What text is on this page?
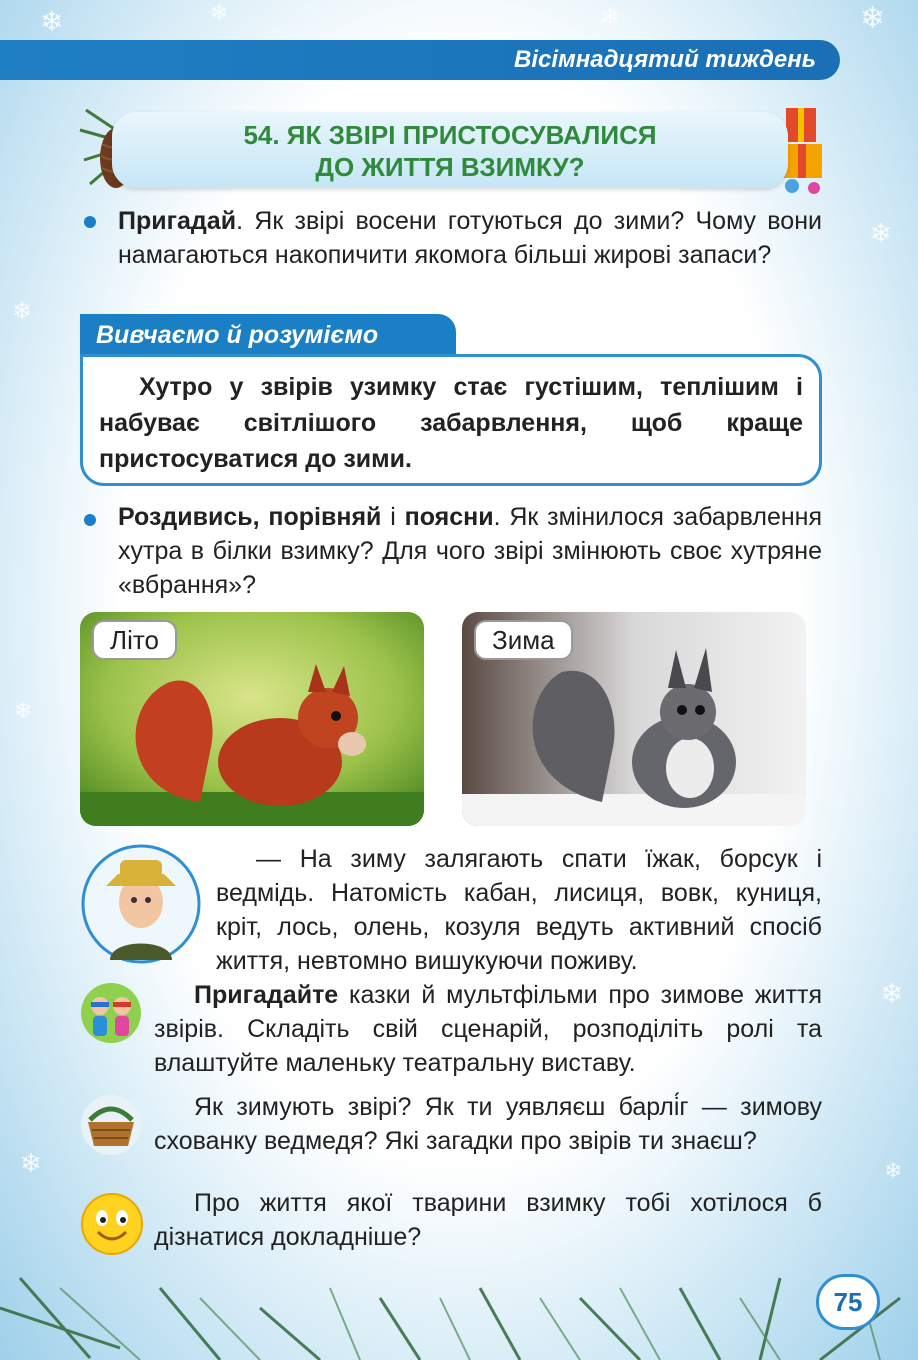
❄	❄	❄	❄
❄
❄
❄
❄
❄	❄
Вісімнадцятий тиждень
54. ЯК ЗВІРІ ПРИСТОСУВАЛИСЯ
ДО ЖИТТЯ ВЗИМКУ?

Пригадай. Як звірі восени готуються до зими? Чому вони намагаються накопичити якомога більші жирові запаси?

Вивчаємо й розуміємо

Хутро у звірів узимку стає густішим, теплішим і набуває світлішого забарвлення, щоб краще пристосуватися до зими.

Роздивись, порівняй і поясни. Як змінилося забарвлення хутра в білки взимку? Для чого звірі змінюють своє хутряне «вбрання»?

Літо	Зима

— На зиму залягають спати їжак, борсук і ведмідь. Натомість кабан, лисиця, вовк, куниця, кріт, лось, олень, козуля ведуть активний спосіб життя, невтомно вишукуючи поживу.

Пригадайте казки й мультфільми про зимове життя звірів. Складіть свій сценарій, розподіліть ролі та влаштуйте маленьку театральну виставу.

Як зимують звірі? Як ти уявляєш барлі́г — зимову схованку ведмедя? Які загадки про звірів ти знаєш?

Про життя якої тварини взимку тобі хотілося б дізнатися докладніше?

75
